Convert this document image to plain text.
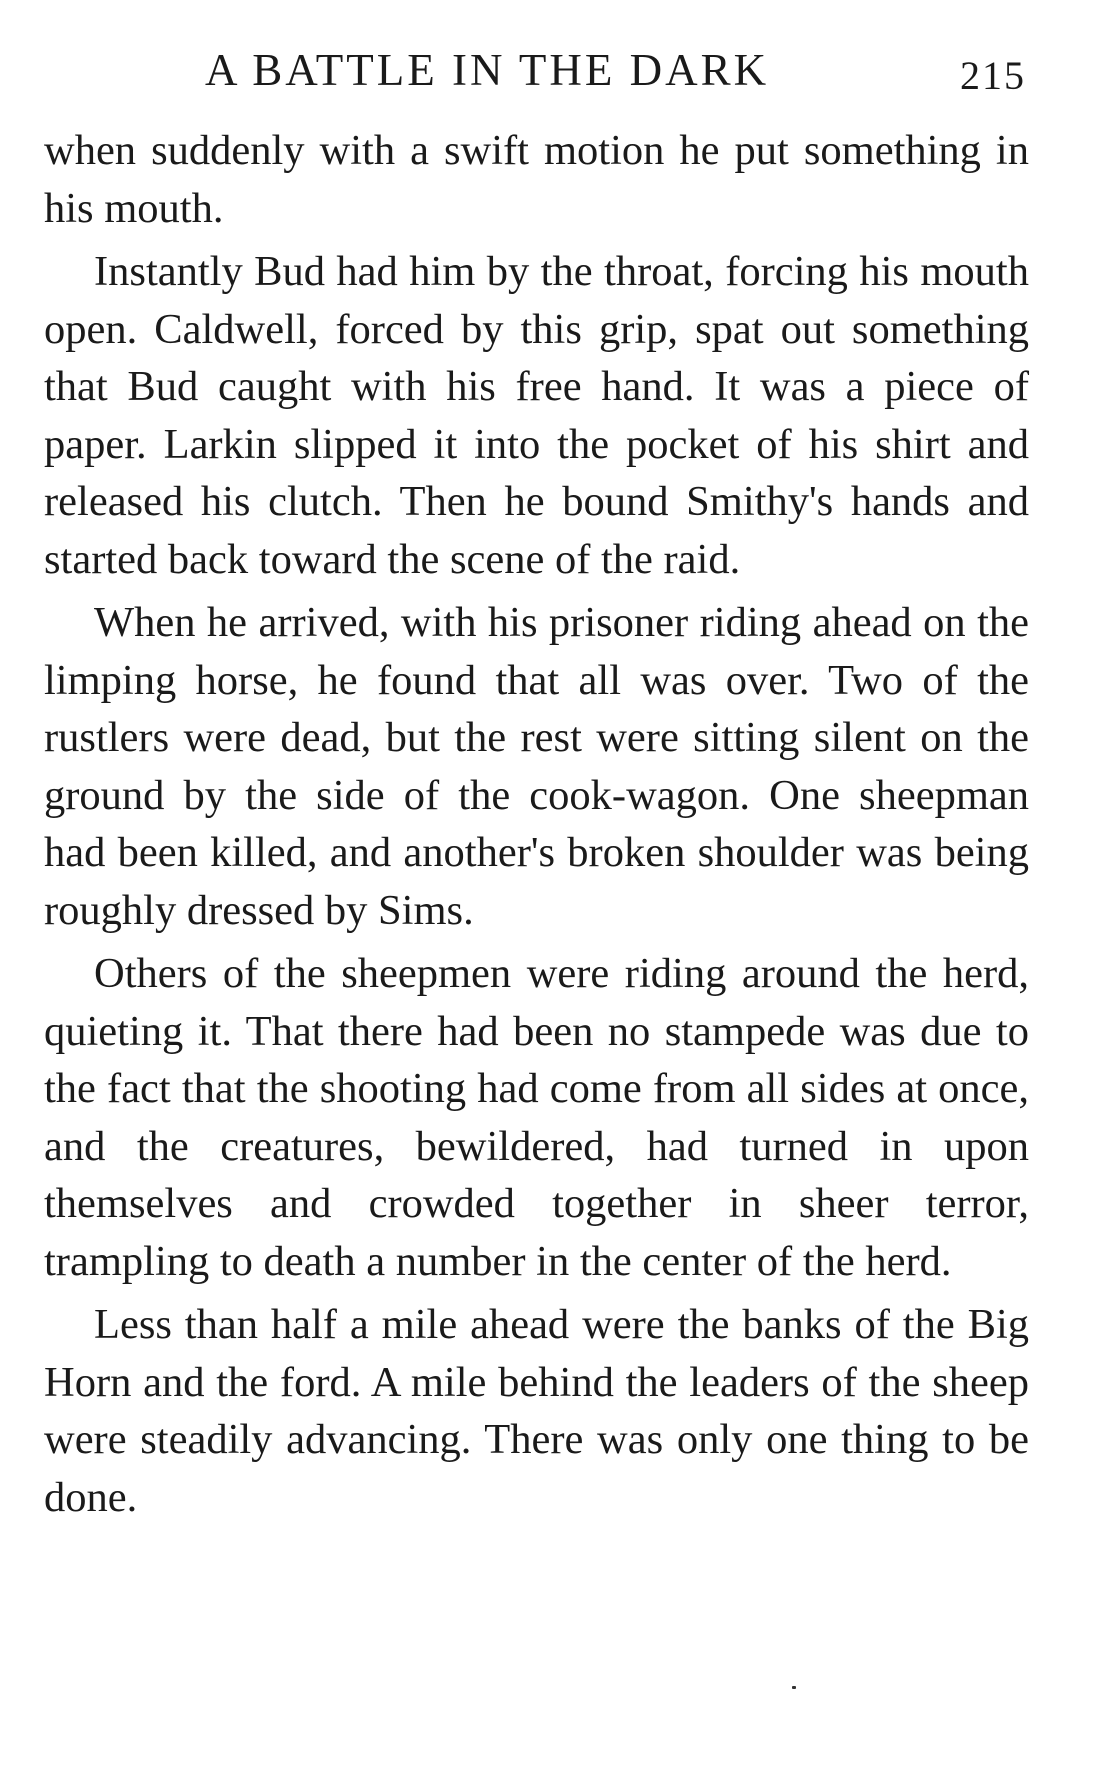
A BATTLE IN THE DARK	215

when suddenly with a swift motion he put something in his mouth.

Instantly Bud had him by the throat, forcing his mouth open. Caldwell, forced by this grip, spat out something that Bud caught with his free hand. It was a piece of paper. Larkin slipped it into the pocket of his shirt and released his clutch. Then he bound Smithy's hands and started back toward the scene of the raid.

When he arrived, with his prisoner riding ahead on the limping horse, he found that all was over. Two of the rustlers were dead, but the rest were sitting silent on the ground by the side of the cook-wagon. One sheepman had been killed, and another's broken shoulder was being roughly dressed by Sims.

Others of the sheepmen were riding around the herd, quieting it. That there had been no stampede was due to the fact that the shooting had come from all sides at once, and the creatures, bewildered, had turned in upon themselves and crowded together in sheer terror, trampling to death a number in the center of the herd.

Less than half a mile ahead were the banks of the Big Horn and the ford. A mile behind the leaders of the sheep were steadily advancing. There was only one thing to be done.
